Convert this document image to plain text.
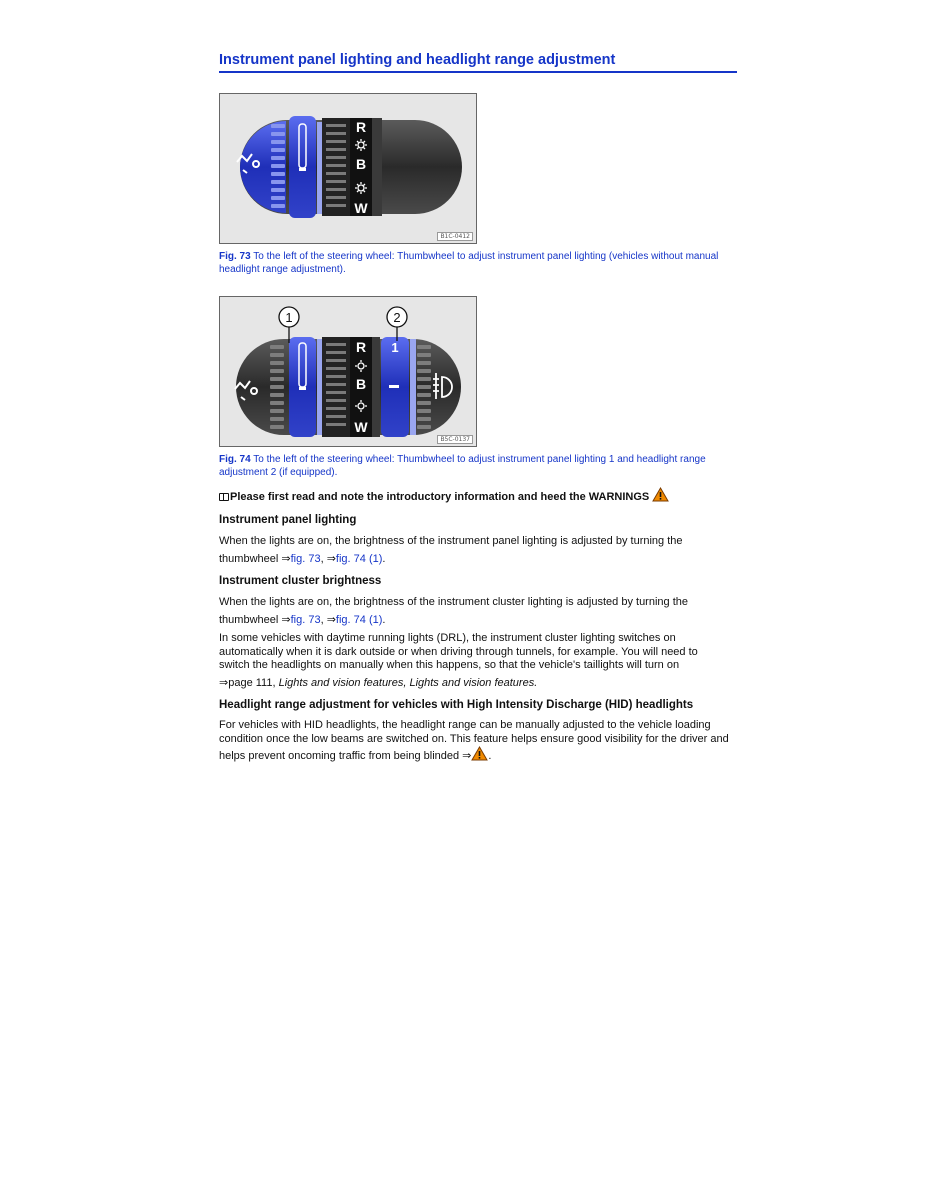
Instrument panel lighting and headlight range adjustment
R
B
W
B1C-0412
Fig. 73 To the left of the steering wheel: Thumbwheel to adjust instrument panel lighting (vehicles without manual headlight range adjustment).
R
B
W
1
1	2
B5C-0137
Fig. 74 To the left of the steering wheel: Thumbwheel to adjust instrument panel lighting 1 and headlight range adjustment 2 (if equipped).
Please first read and note the introductory information and heed the WARNINGS
Instrument panel lighting
When the lights are on, the brightness of the instrument panel lighting is adjusted by turning the thumbwheel ⇒fig. 73, ⇒fig. 74 (1).
Instrument cluster brightness
When the lights are on, the brightness of the instrument cluster lighting is adjusted by turning the thumbwheel ⇒fig. 73, ⇒fig. 74 (1).
In some vehicles with daytime running lights (DRL), the instrument cluster lighting switches on automatically when it is dark outside or when driving through tunnels, for example. You will need to switch the headlights on manually when this happens, so that the vehicle's taillights will turn on
⇒page 111, Lights and vision features, Lights and vision features.
Headlight range adjustment for vehicles with High Intensity Discharge (HID) headlights
For vehicles with HID headlights, the headlight range can be manually adjusted to the vehicle loading condition once the low beams are switched on. This feature helps ensure good visibility for the driver and helps prevent oncoming traffic from being blinded ⇒ .
